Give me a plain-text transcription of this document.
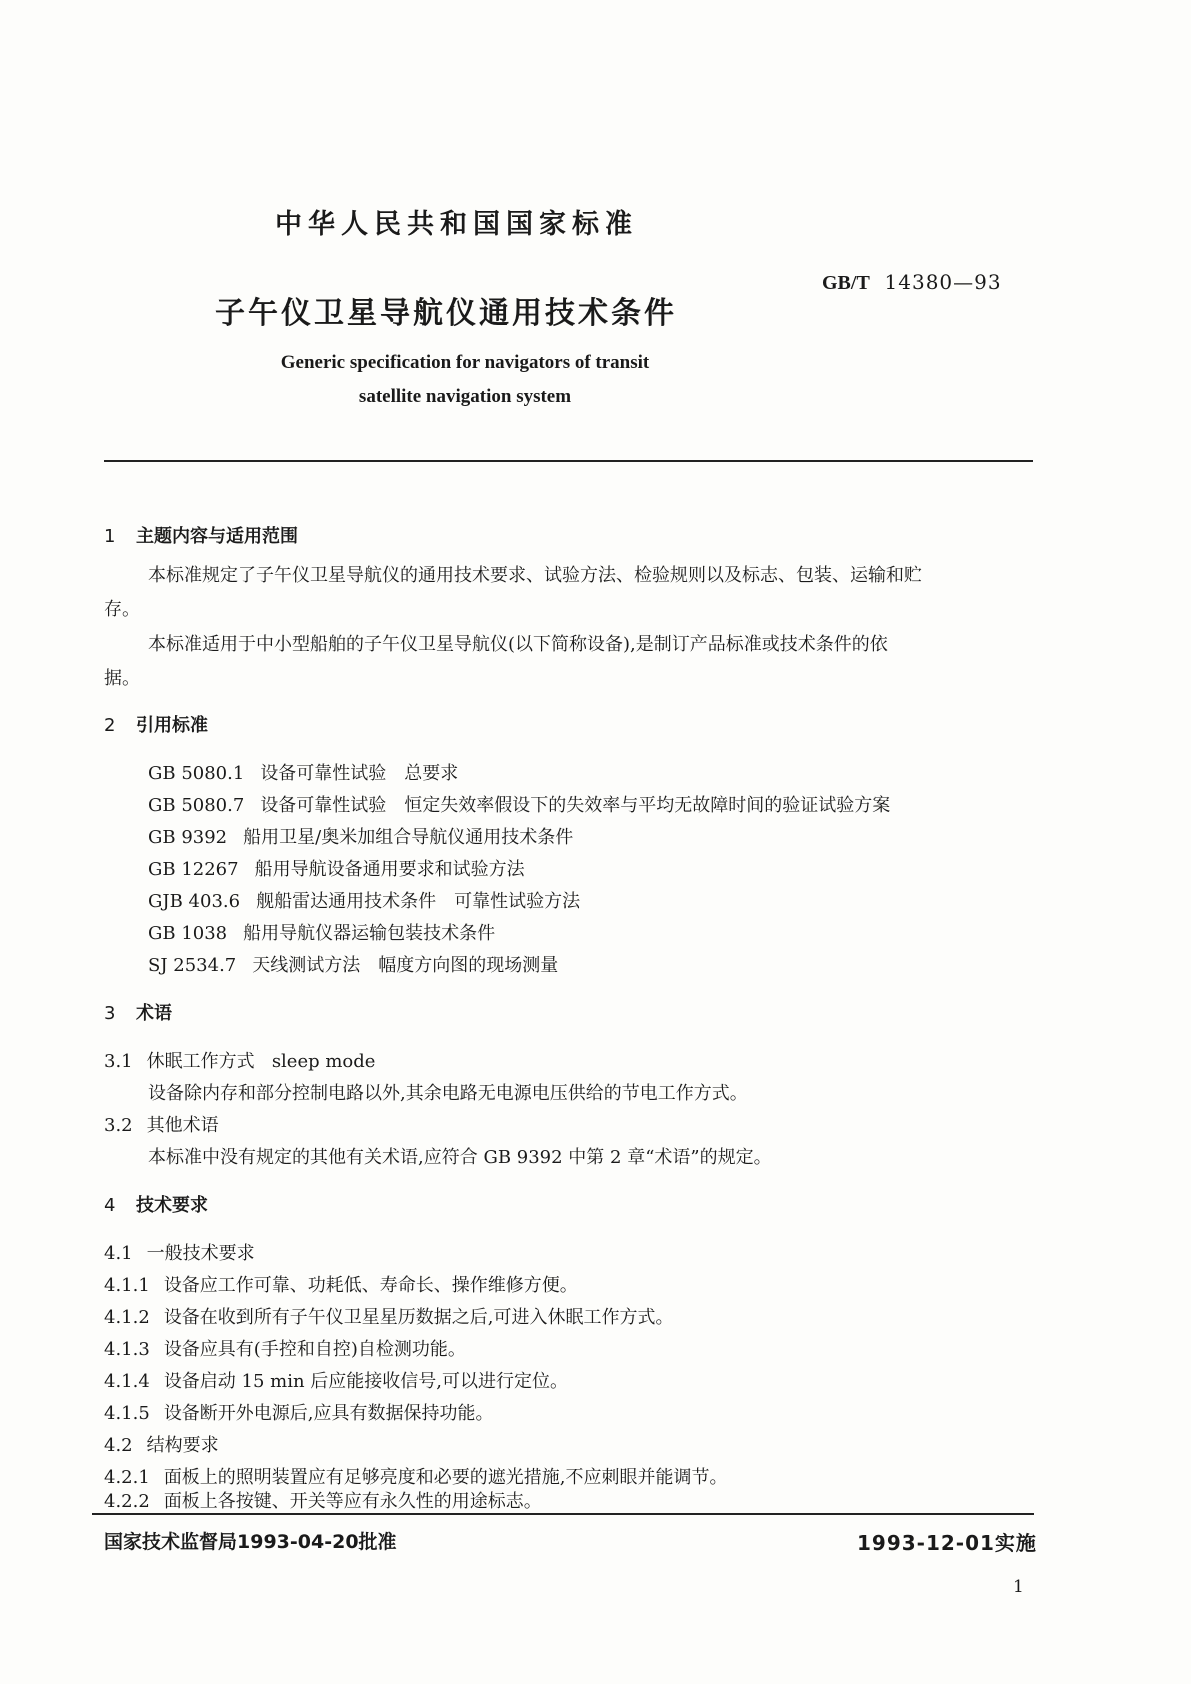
中华人民共和国国家标准
GB/T 14380—93
子午仪卫星导航仪通用技术条件
Generic specification for navigators of transit
satellite navigation system
1 主题内容与适用范围
本标准规定了子午仪卫星导航仪的通用技术要求、试验方法、检验规则以及标志、包装、运输和贮
存。
本标准适用于中小型船舶的子午仪卫星导航仪(以下简称设备),是制订产品标准或技术条件的依
据。
2 引用标准
GB 5080.1 设备可靠性试验　总要求
GB 5080.7 设备可靠性试验　恒定失效率假设下的失效率与平均无故障时间的验证试验方案
GB 9392 船用卫星/奥米加组合导航仪通用技术条件
GB 12267 船用导航设备通用要求和试验方法
GJB 403.6 舰船雷达通用技术条件　可靠性试验方法
GB 1038 船用导航仪器运输包装技术条件
SJ 2534.7 天线测试方法　幅度方向图的现场测量
3 术语
3.1 休眠工作方式 sleep mode
设备除内存和部分控制电路以外,其余电路无电源电压供给的节电工作方式。
3.2 其他术语
本标准中没有规定的其他有关术语,应符合 GB 9392 中第 2 章“术语”的规定。
4 技术要求
4.1 一般技术要求
4.1.1 设备应工作可靠、功耗低、寿命长、操作维修方便。
4.1.2 设备在收到所有子午仪卫星星历数据之后,可进入休眠工作方式。
4.1.3 设备应具有(手控和自控)自检测功能。
4.1.4 设备启动 15 min 后应能接收信号,可以进行定位。
4.1.5 设备断开外电源后,应具有数据保持功能。
4.2 结构要求
4.2.1 面板上的照明装置应有足够亮度和必要的遮光措施,不应刺眼并能调节。
4.2.2 面板上各按键、开关等应有永久性的用途标志。
国家技术监督局1993-04-20批准	1993-12-01实施
1
